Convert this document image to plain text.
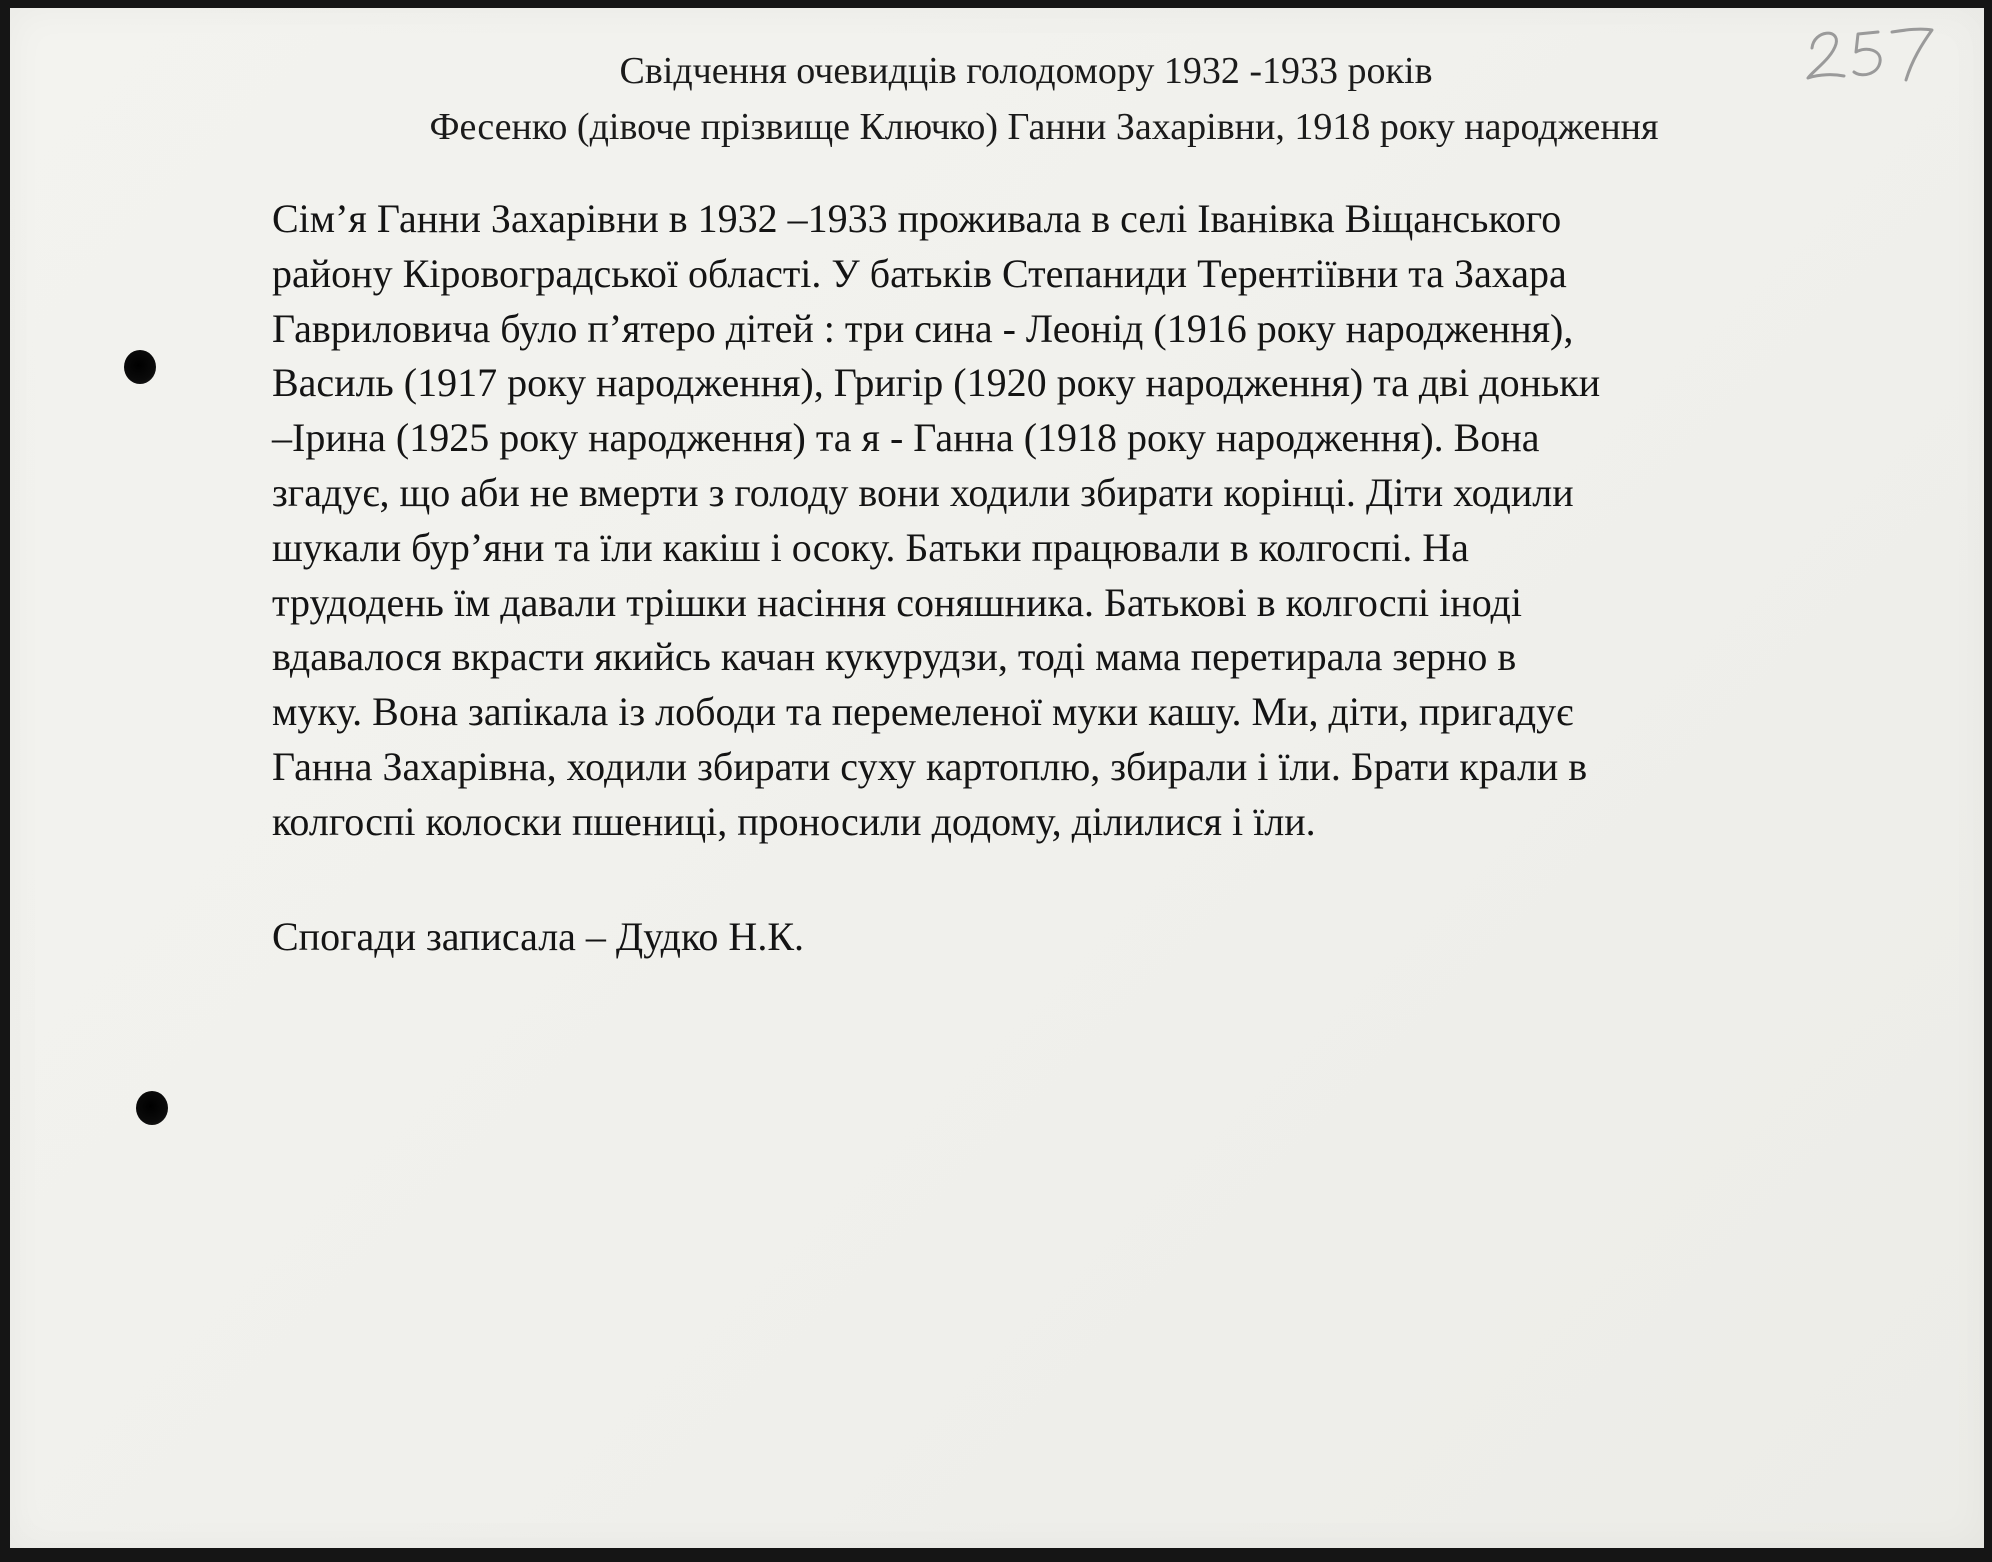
Свідчення очевидців голодомору 1932 -1933 років
Фесенко (дівоче прізвище Ключко) Ганни Захарівни, 1918 року народження

Сім’я Ганни Захарівни в 1932 –1933 проживала в селі Іванівка Віщанського
району Кіровоградської області. У батьків Степаниди Терентіївни та Захара
Гавриловича було п’ятеро дітей : три сина - Леонід (1916 року народження),
Василь (1917 року народження), Григір (1920 року народження) та дві доньки
–Ірина (1925 року народження) та я - Ганна (1918 року народження). Вона
згадує, що аби не вмерти з голоду вони ходили збирати корінці. Діти ходили
шукали бур’яни та їли какіш і осоку. Батьки працювали в колгоспі. На
трудодень їм давали трішки насіння соняшника. Батькові в колгоспі іноді
вдавалося вкрасти якийсь качан кукурудзи, тоді мама перетирала зерно в
муку. Вона запікала із лободи та перемеленої муки кашу. Ми, діти, пригадує
Ганна Захарівна, ходили збирати суху картоплю, збирали і їли. Брати крали в
колгоспі колоски пшениці, проносили додому, ділилися і їли.

Спогади записала – Дудко Н.К.
